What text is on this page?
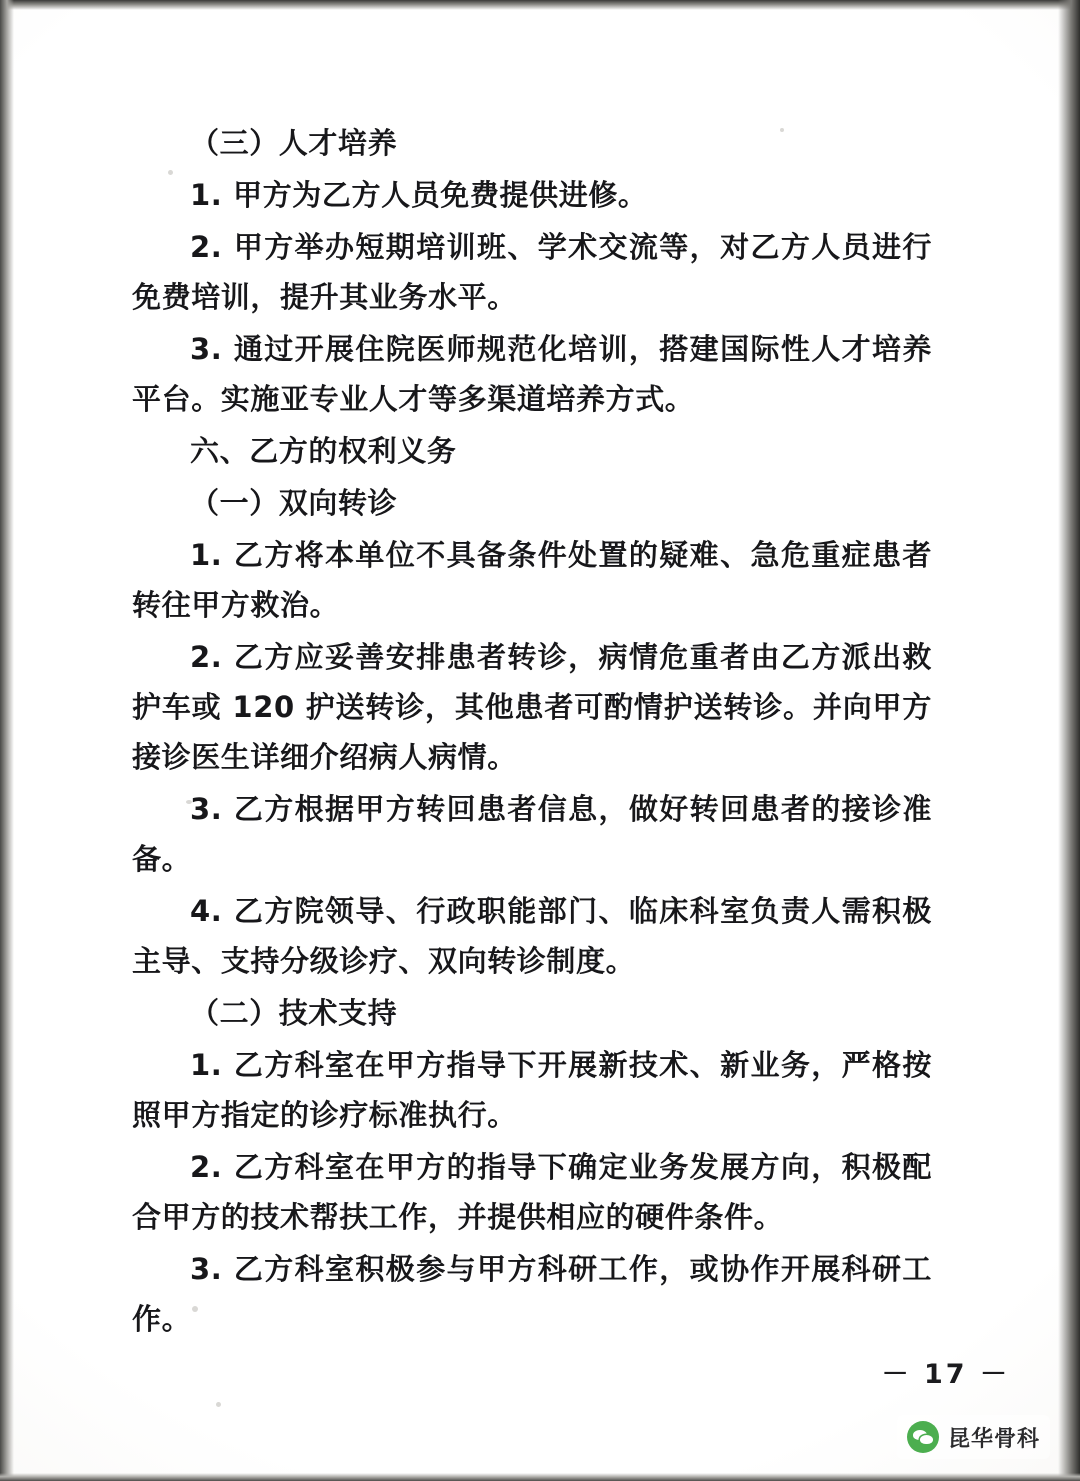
（三）人才培养

1. 甲方为乙方人员免费提供进修。

2. 甲方举办短期培训班、学术交流等，对乙方人员进行免费培训，提升其业务水平。

3. 通过开展住院医师规范化培训，搭建国际性人才培养平台。实施亚专业人才等多渠道培养方式。

六、乙方的权利义务

（一）双向转诊

1. 乙方将本单位不具备条件处置的疑难、急危重症患者转往甲方救治。

2. 乙方应妥善安排患者转诊，病情危重者由乙方派出救护车或 120 护送转诊，其他患者可酌情护送转诊。并向甲方接诊医生详细介绍病人病情。

3. 乙方根据甲方转回患者信息，做好转回患者的接诊准备。

4. 乙方院领导、行政职能部门、临床科室负责人需积极主导、支持分级诊疗、双向转诊制度。

（二）技术支持

1. 乙方科室在甲方指导下开展新技术、新业务，严格按照甲方指定的诊疗标准执行。

2. 乙方科室在甲方的指导下确定业务发展方向，积极配合甲方的技术帮扶工作，并提供相应的硬件条件。

3. 乙方科室积极参与甲方科研工作，或协作开展科研工作。

－ 17 －
昆华骨科
